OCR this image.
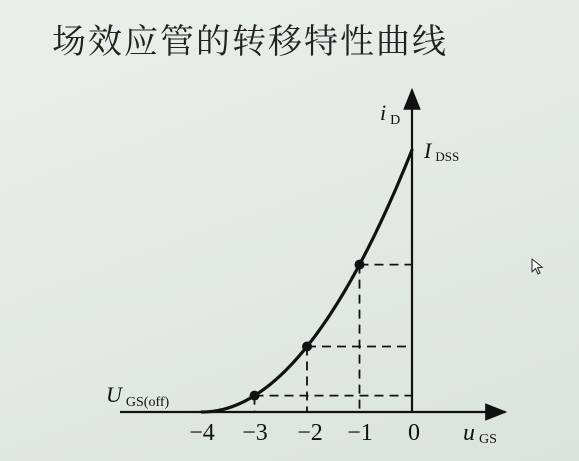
场效应管的转移特性曲线
i D
I DSS
U GS(off)
u GS
−4 −3 −2 −1 0
